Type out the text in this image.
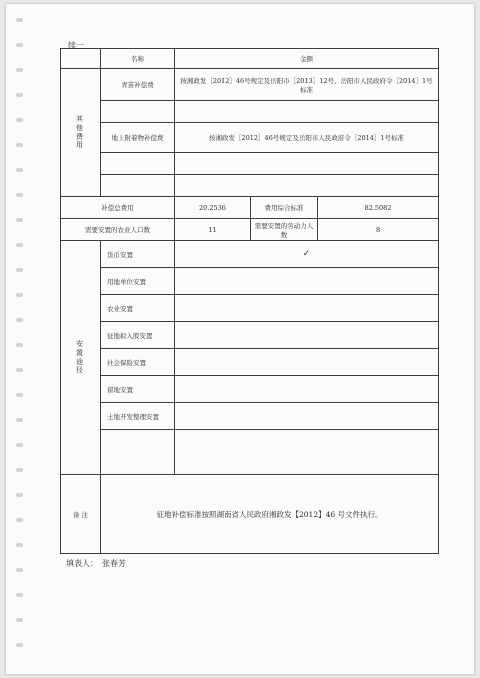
续一
	名称	金额		

其
他
费
用	青苗补偿费	按湘政发［2012］46号规定及岳阳市［2013］12号、岳阳市人民政府令［2014］1号标准		

	地上附着物补偿费	按湘政发［2012］46号规定及岳阳市人民政府令［2014］1号标准		

补偿总费用		20.2536	费用综合标准	82.5082
需要安置的农业人口数		11	需要安置的劳动力人数	8

安
置
途
径	货币安置	✓		
	用地单位安置			
	农业安置			
	征地拟入股安置			
	社会保险安置			
	留地安置			
	土地开发整理安置			

备 注	征地补偿标准按照湖南省人民政府湘政发【2012】46 号文件执行。			
填表人： 张春芳
